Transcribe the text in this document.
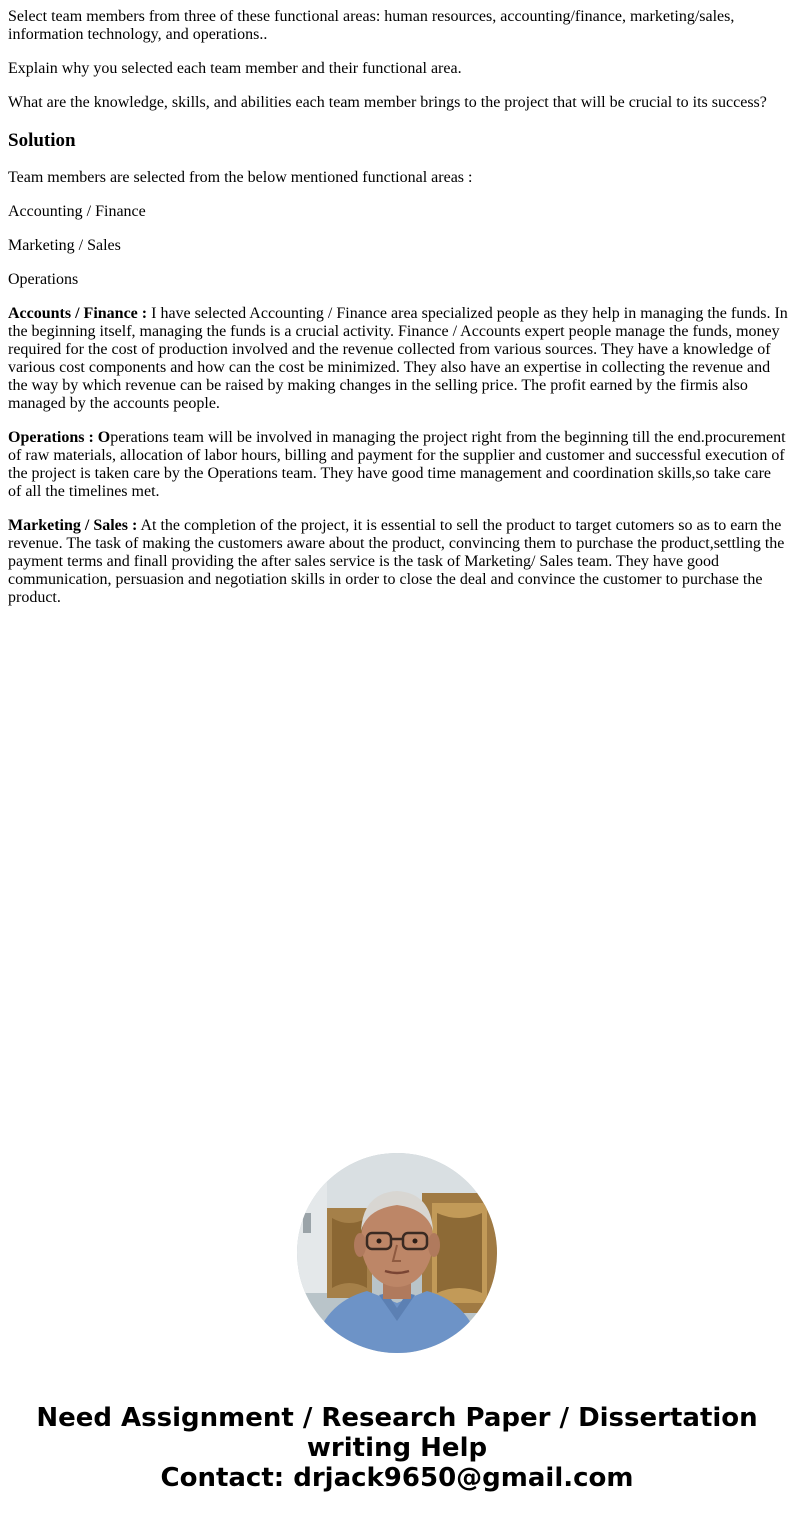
Select team members from three of these functional areas: human resources, accounting/finance, marketing/sales, information technology, and operations..

Explain why you selected each team member and their functional area.

What are the knowledge, skills, and abilities each team member brings to the project that will be crucial to its success?

Solution

Team members are selected from the below mentioned functional areas :

Accounting / Finance

Marketing / Sales

Operations

Accounts / Finance : I have selected Accounting / Finance area specialized people as they help in managing the funds. In the beginning itself, managing the funds is a crucial activity. Finance / Accounts expert people manage the funds, money required for the cost of production involved and the revenue collected from various sources. They have a knowledge of various cost components and how can the cost be minimized. They also have an expertise in collecting the revenue and the way by which revenue can be raised by making changes in the selling price. The profit earned by the firmis also managed by the accounts people.

Operations : Operations team will be involved in managing the project right from the beginning till the end.procurement of raw materials, allocation of labor hours, billing and payment for the supplier and customer and successful execution of the project is taken care by the Operations team. They have good time management and coordination skills,so take care of all the timelines met.

Marketing / Sales : At the completion of the project, it is essential to sell the product to target cutomers so as to earn the revenue. The task of making the customers aware about the product, convincing them to purchase the product,settling the payment terms and finall providing the after sales service is the task of Marketing/ Sales team. They have good communication, persuasion and negotiation skills in order to close the deal and convince the customer to purchase the product.

Need Assignment / Research Paper / Dissertation
writing Help
Contact: drjack9650@gmail.com
